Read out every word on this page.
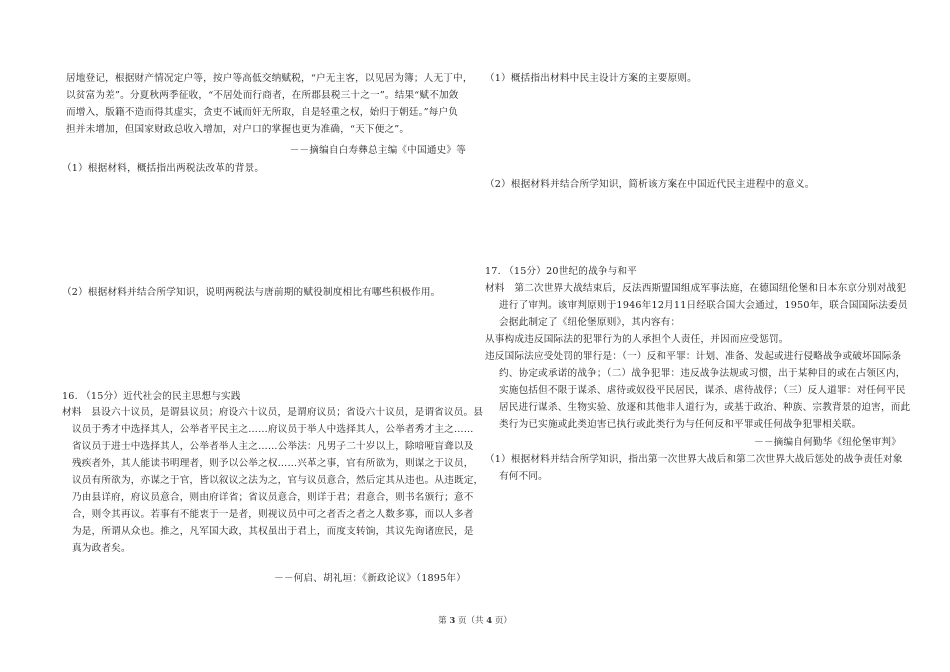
居地登记，根据财产情况定户等，按户等高低交纳赋税，“户无主客，以见居为簿；人无丁中，
以贫富为差”。分夏秋两季征收，“不居处而行商者，在所郡县税三十之一”。结果“赋不加敛
而增入，版籍不造而得其虚实，贪吏不诫而奸无所取，自是轻重之权，始归于朝廷。”每户负
担并未增加，但国家财政总收入增加，对户口的掌握也更为准确，“天下便之”。
－－摘编自白寿彝总主编《中国通史》等
（1）根据材料，概括指出两税法改革的背景。
（2）根据材料并结合所学知识，说明两税法与唐前期的赋役制度相比有哪些积极作用。
16. （15分）近代社会的民主思想与实践
材料　县设六十议员，是谓县议员；府设六十议员，是谓府议员；省设六十议员，是谓省议员。县
议员于秀才中选择其人，公举者平民主之……府议员于举人中选择其人，公举者秀才主之……
省议员于进士中选择其人，公举者举人主之……公举法：凡男子二十岁以上，除喑哑盲聋以及
残疾者外，其人能读书明理者，则予以公举之权……兴革之事，官有所欲为，则谋之于议员，
议员有所欲为，亦谋之于官，皆以叙议之法为之，官与议员意合，然后定其从违也。从违既定，
乃由县详府，府议员意合，则由府详省；省议员意合，则详于君；君意合，则书名颁行；意不
合，则令其再议。若事有不能衷于一是者，则视议员中可之者否之者之人数多寡，而以人多者
为是，所谓从众也。推之，凡军国大政，其权虽出于君上，而度支转饷，其议先询诸庶民，是
真为政者矣。
－－何启、胡礼垣：《新政论议》（1895年）
（1）概括指出材料中民主设计方案的主要原则。
（2）根据材料并结合所学知识，简析该方案在中国近代民主进程中的意义。
17. （15分）20世纪的战争与和平
材料　第二次世界大战结束后，反法西斯盟国组成军事法庭，在德国纽伦堡和日本东京分别对战犯
进行了审判。该审判原则于1946年12月11日经联合国大会通过，1950年，联合国国际法委员
会据此制定了《纽伦堡原则》，其内容有：
从事构成违反国际法的犯罪行为的人承担个人责任，并因而应受惩罚。
违反国际法应受处罚的罪行是：（一）反和平罪：计划、准备、发起或进行侵略战争或破坏国际条
约、协定或承诺的战争；（二）战争犯罪：违反战争法规或习惯，出于某种目的或在占领区内，
实施包括但不限于谋杀、虐待或奴役平民居民，谋杀、虐待战俘；（三）反人道罪：对任何平民
居民进行谋杀、生物实验、放逐和其他非人道行为，或基于政治、种族、宗教背景的迫害，而此
类行为已实施或此类迫害已执行或此类行为与任何反和平罪或任何战争犯罪相关联。
－－摘编自何勤华《纽伦堡审判》
（1）根据材料并结合所学知识，指出第一次世界大战后和第二次世界大战后惩处的战争责任对象
有何不同。
第 3 页（共 4 页）
